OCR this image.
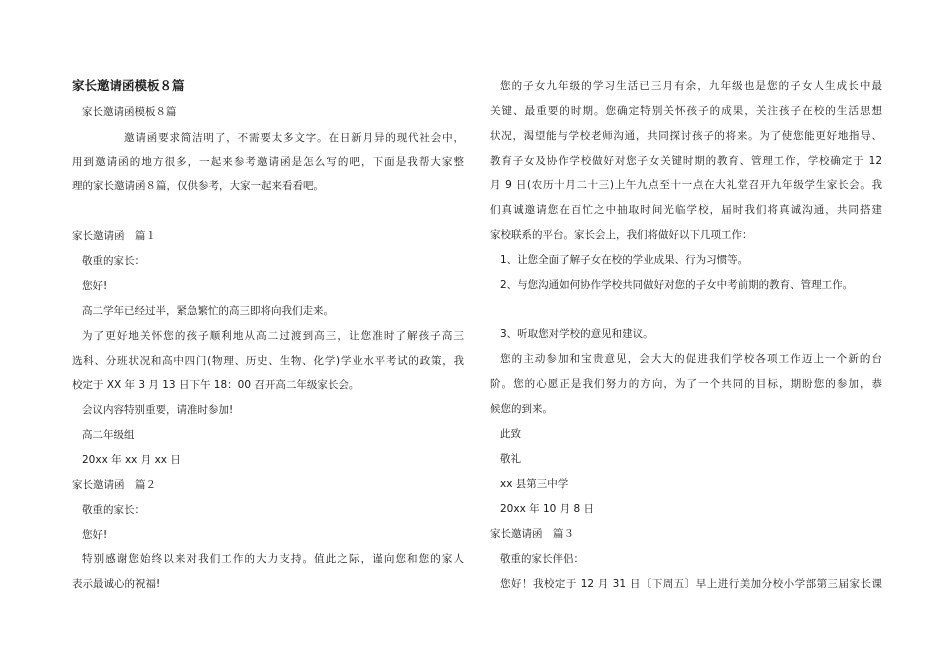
家长邀请函模板８篇
家长邀请函模板８篇
邀请函要求简洁明了，不需要太多文字。在日新月异的现代社会中，
用到邀请函的地方很多，一起来参考邀请函是怎么写的吧，下面是我帮大家整
理的家长邀请函８篇，仅供参考，大家一起来看看吧。
家长邀请函　篇１
敬重的家长：
您好!
高二学年已经过半，紧急繁忙的高三即将向我们走来。
为了更好地关怀您的孩子顺利地从高二过渡到高三，让您准时了解孩子高三
选科、分班状况和高中四门(物理、历史、生物、化学)学业水平考试的政策，我
校定于 XX 年 3 月 13 日下午 18：00 召开高二年级家长会。
会议内容特别重要，请准时参加!
高二年级组
20xx 年 xx 月 xx 日
家长邀请函　篇２
敬重的家长：
您好!
特别感谢您始终以来对我们工作的大力支持。值此之际，谨向您和您的家人
表示最诚心的祝福!
您的子女九年级的学习生活已三月有余，九年级也是您的子女人生成长中最
关键、最重要的时期。您确定特别关怀孩子的成果，关注孩子在校的生活思想
状况，渴望能与学校老师沟通，共同探讨孩子的将来。为了使您能更好地指导、
教育子女及协作学校做好对您子女关键时期的教育、管理工作，学校确定于 12
月 9 日(农历十月二十三)上午九点至十一点在大礼堂召开九年级学生家长会。我
们真诚邀请您在百忙之中抽取时间光临学校，届时我们将真诚沟通，共同搭建
家校联系的平台。家长会上，我们将做好以下几项工作：
1、让您全面了解子女在校的学业成果、行为习惯等。
2、与您沟通如何协作学校共同做好对您的子女中考前期的教育、管理工作。
3、听取您对学校的意见和建议。
您的主动参加和宝贵意见，会大大的促进我们学校各项工作迈上一个新的台
阶。您的心愿正是我们努力的方向，为了一个共同的目标，期盼您的参加，恭
候您的到来。
此致
敬礼
xx 县第三中学
20xx 年 10 月 8 日
家长邀请函　篇３
敬重的家长伴侣：
您好！我校定于 12 月 31 日〔下周五〕早上进行美加分校小学部第三届家长课
